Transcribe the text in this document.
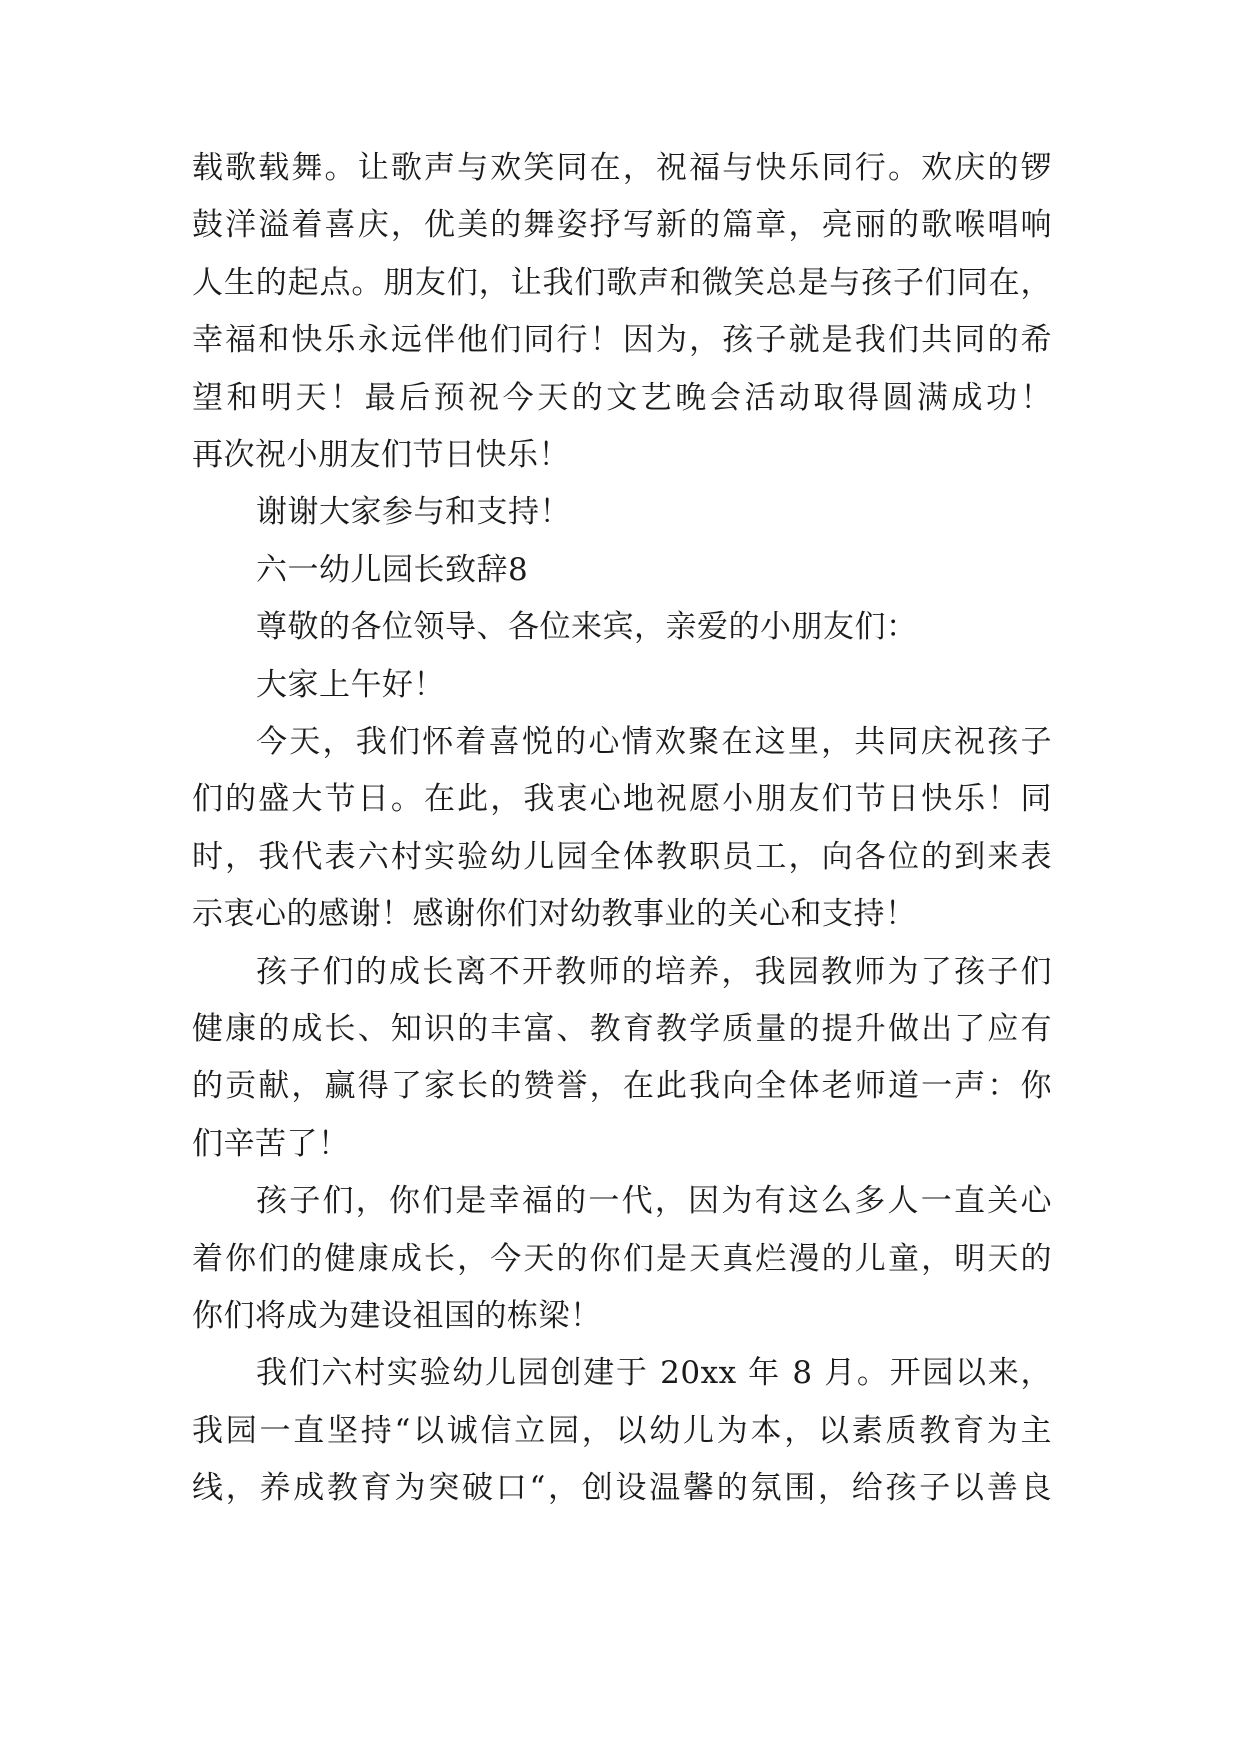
载歌载舞。让歌声与欢笑同在，祝福与快乐同行。欢庆的锣
鼓洋溢着喜庆，优美的舞姿抒写新的篇章，亮丽的歌喉唱响
人生的起点。朋友们，让我们歌声和微笑总是与孩子们同在，
幸福和快乐永远伴他们同行！因为，孩子就是我们共同的希
望和明天！最后预祝今天的文艺晚会活动取得圆满成功！
再次祝小朋友们节日快乐！
谢谢大家参与和支持！
六一幼儿园长致辞8
尊敬的各位领导、各位来宾，亲爱的小朋友们：
大家上午好！
今天，我们怀着喜悦的心情欢聚在这里，共同庆祝孩子
们的盛大节日。在此，我衷心地祝愿小朋友们节日快乐！同
时，我代表六村实验幼儿园全体教职员工，向各位的到来表
示衷心的感谢！感谢你们对幼教事业的关心和支持！
孩子们的成长离不开教师的培养，我园教师为了孩子们
健康的成长、知识的丰富、教育教学质量的提升做出了应有
的贡献，赢得了家长的赞誉，在此我向全体老师道一声：你
们辛苦了！
孩子们，你们是幸福的一代，因为有这么多人一直关心
着你们的健康成长，今天的你们是天真烂漫的儿童，明天的
你们将成为建设祖国的栋梁！
我们六村实验幼儿园创建于 20xx 年 8 月。开园以来，
我园一直坚持“以诚信立园，以幼儿为本，以素质教育为主
线，养成教育为突破口“，创设温馨的氛围，给孩子以善良
